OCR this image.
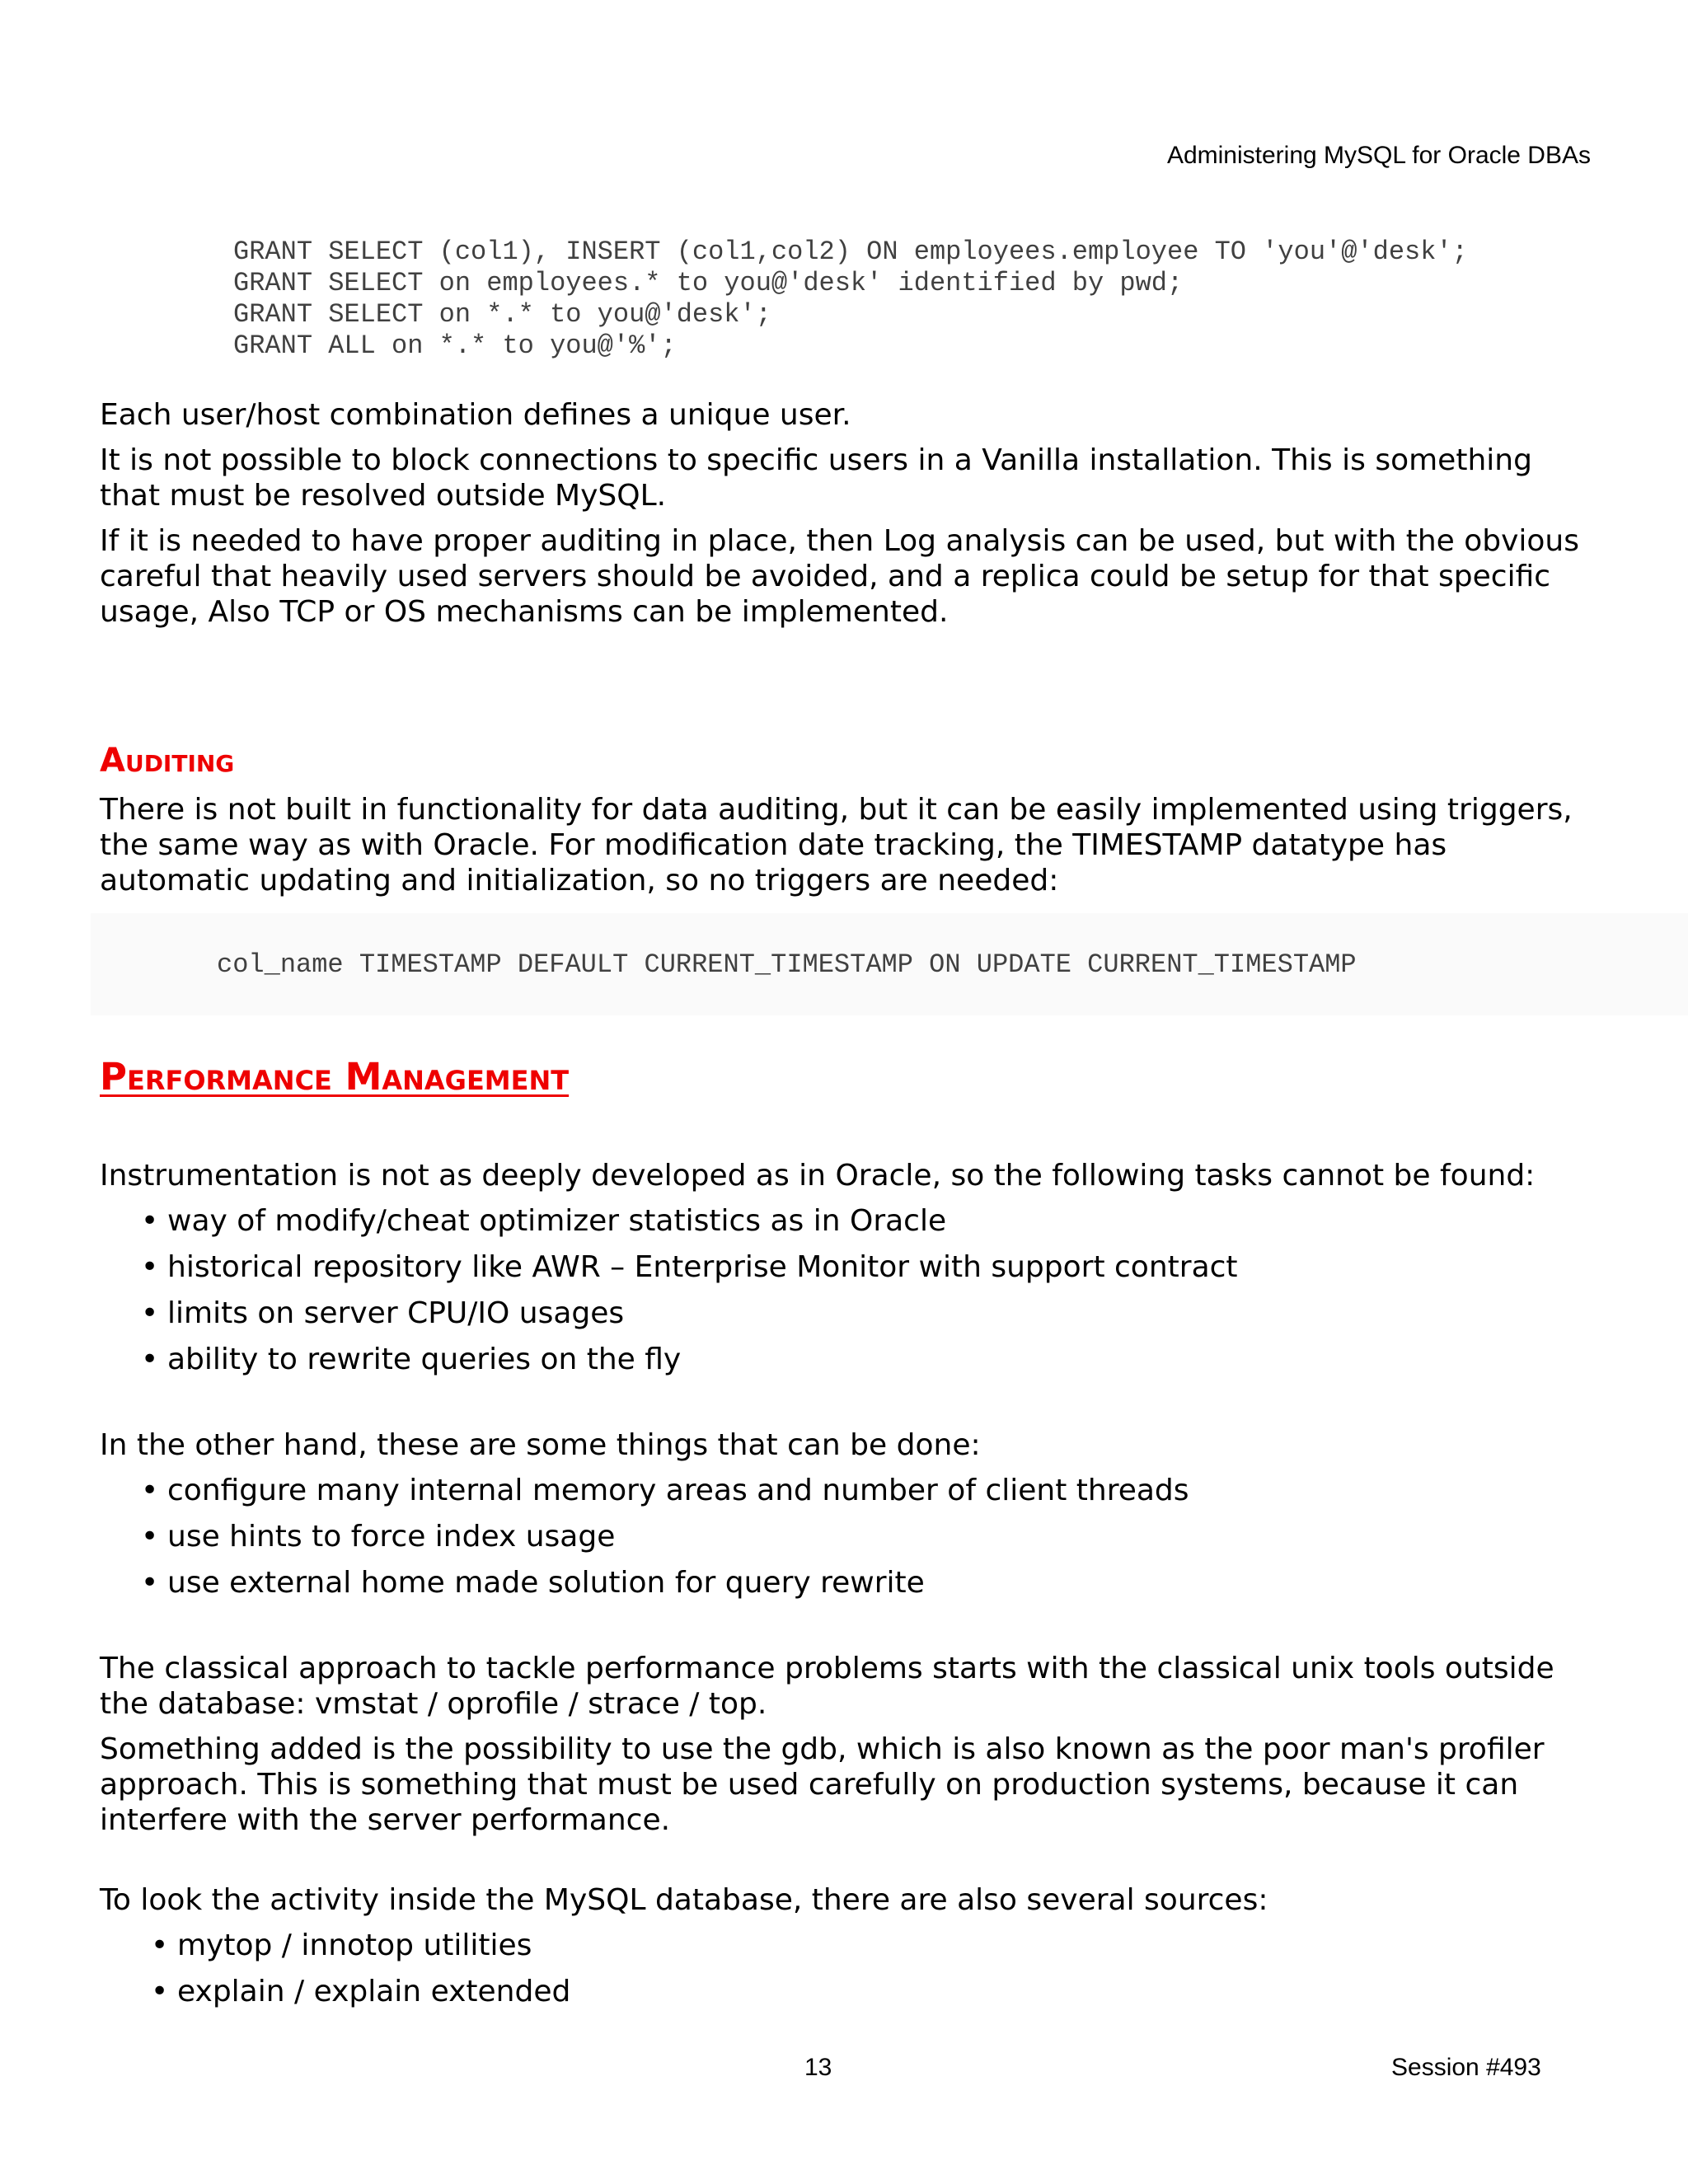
Administering MySQL for Oracle DBAs
GRANT SELECT (col1), INSERT (col1,col2) ON employees.employee TO 'you'@'desk';
GRANT SELECT on employees.* to you@'desk' identified by pwd;
GRANT SELECT on *.* to you@'desk';
GRANT ALL on *.* to you@'%';

Each user/host combination defines a unique user.

It is not possible to block connections to specific users in a Vanilla installation. This is something that must be resolved outside MySQL.

If it is needed to have proper auditing in place, then Log analysis can be used, but with the obvious careful that heavily used servers should be avoided, and a replica could be setup for that specific usage, Also TCP or OS mechanisms can be implemented.

Auditing

There is not built in functionality for data auditing, but it can be easily implemented using triggers, the same way as with Oracle. For modification date tracking, the TIMESTAMP datatype has automatic updating and initialization, so no triggers are needed:

col_name TIMESTAMP DEFAULT CURRENT_TIMESTAMP ON UPDATE CURRENT_TIMESTAMP
Performance Management

Instrumentation is not as deeply developed as in Oracle, so the following tasks cannot be found:

• way of modify/cheat optimizer statistics as in Oracle
• historical repository like AWR – Enterprise Monitor with support contract
• limits on server CPU/IO usages
• ability to rewrite queries on the fly

In the other hand, these are some things that can be done:

• configure many internal memory areas and number of client threads
• use hints to force index usage
• use external home made solution for query rewrite

The classical approach to tackle performance problems starts with the classical unix tools outside the database: vmstat / oprofile / strace / top.

Something added is the possibility to use the gdb, which is also known as the poor man's profiler approach. This is something that must be used carefully on production systems, because it can interfere with the server performance.

To look the activity inside the MySQL database, there are also several sources:

• mytop / innotop utilities
• explain / explain extended
13	Session #493
